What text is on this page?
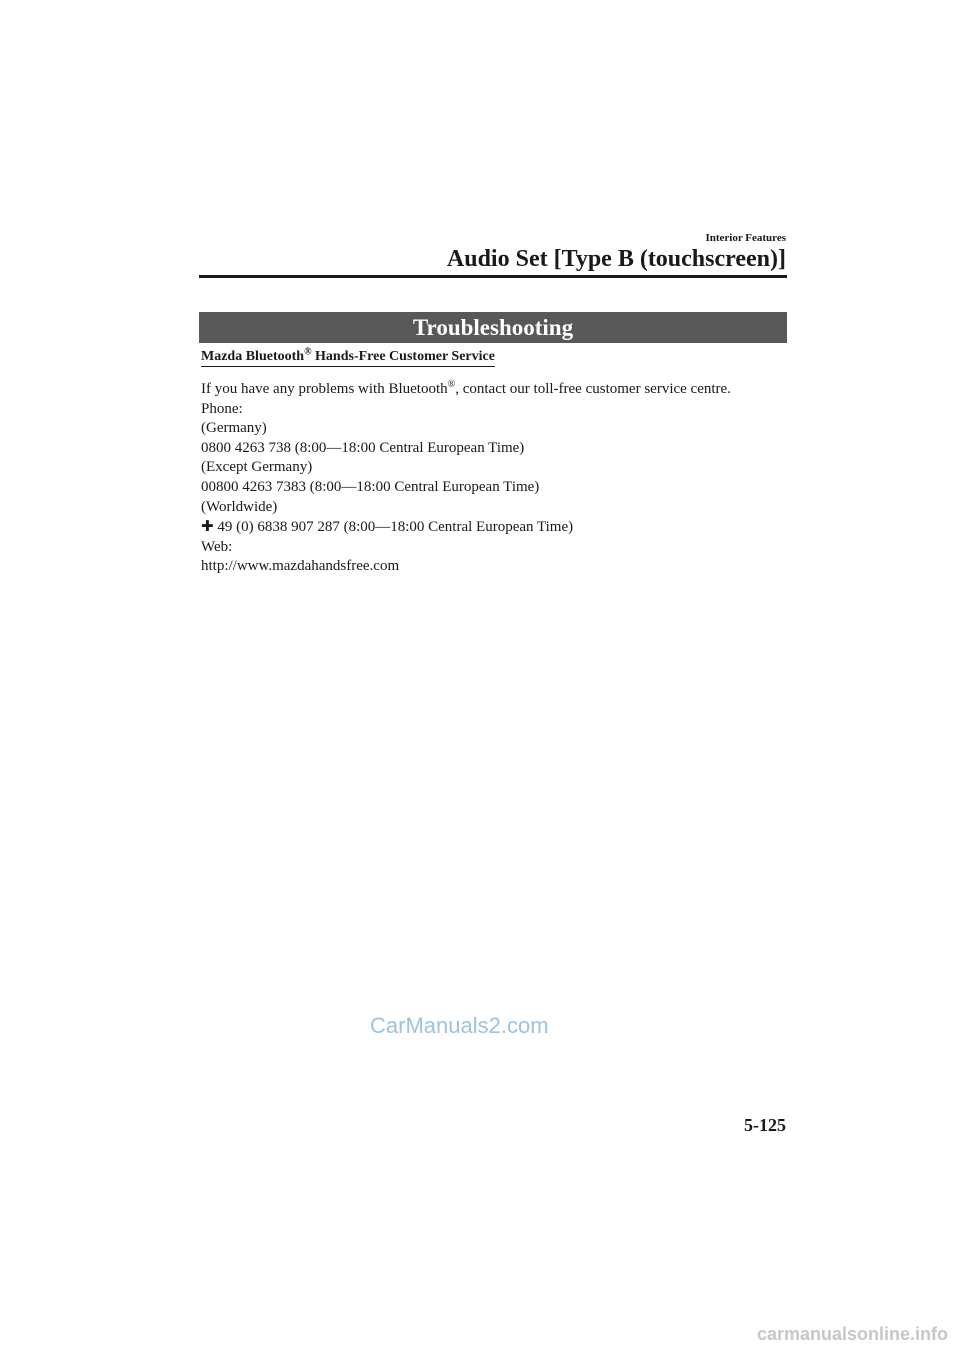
Interior Features
Audio Set [Type B (touchscreen)]
Troubleshooting
Mazda Bluetooth® Hands-Free Customer Service
If you have any problems with Bluetooth®, contact our toll-free customer service centre.
Phone:
(Germany)
0800 4263 738 (8:00―18:00 Central European Time)
(Except Germany)
00800 4263 7383 (8:00―18:00 Central European Time)
(Worldwide)
✚ 49 (0) 6838 907 287 (8:00―18:00 Central European Time)
Web:
http://www.mazdahandsfree.com
CarManuals2.com
5-125
carmanualsonline.info
